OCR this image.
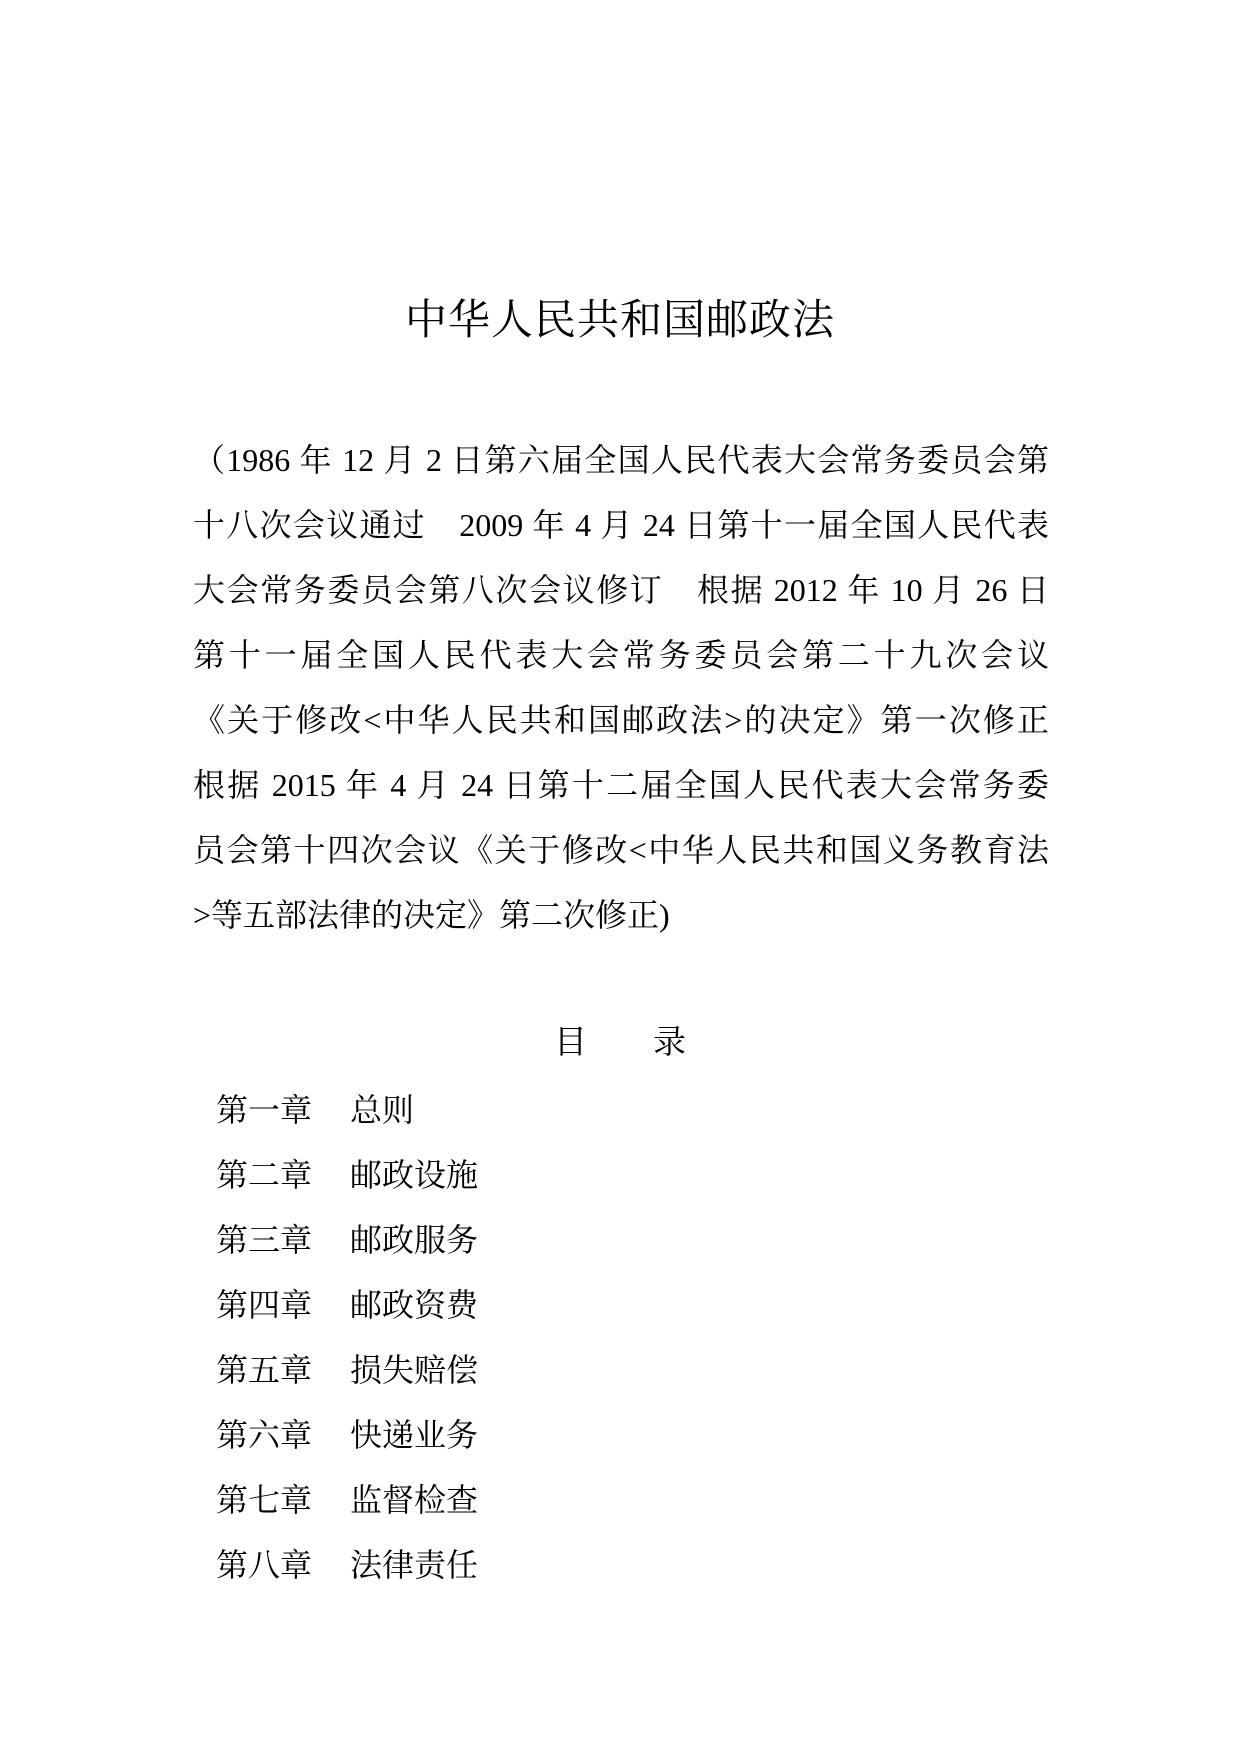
中华人民共和国邮政法

（1986 年 12 月 2 日第六届全国人民代表大会常务委员会第
十八次会议通过　2009 年 4 月 24 日第十一届全国人民代表
大会常务委员会第八次会议修订　根据 2012 年 10 月 26 日
第十一届全国人民代表大会常务委员会第二十九次会议
《关于修改<中华人民共和国邮政法>的决定》第一次修正
根据 2015 年 4 月 24 日第十二届全国人民代表大会常务委
员会第十四次会议《关于修改<中华人民共和国义务教育法
>等五部法律的决定》第二次修正)

目 录
第一章 总则
第二章 邮政设施
第三章 邮政服务
第四章 邮政资费
第五章 损失赔偿
第六章 快递业务
第七章 监督检查
第八章 法律责任
